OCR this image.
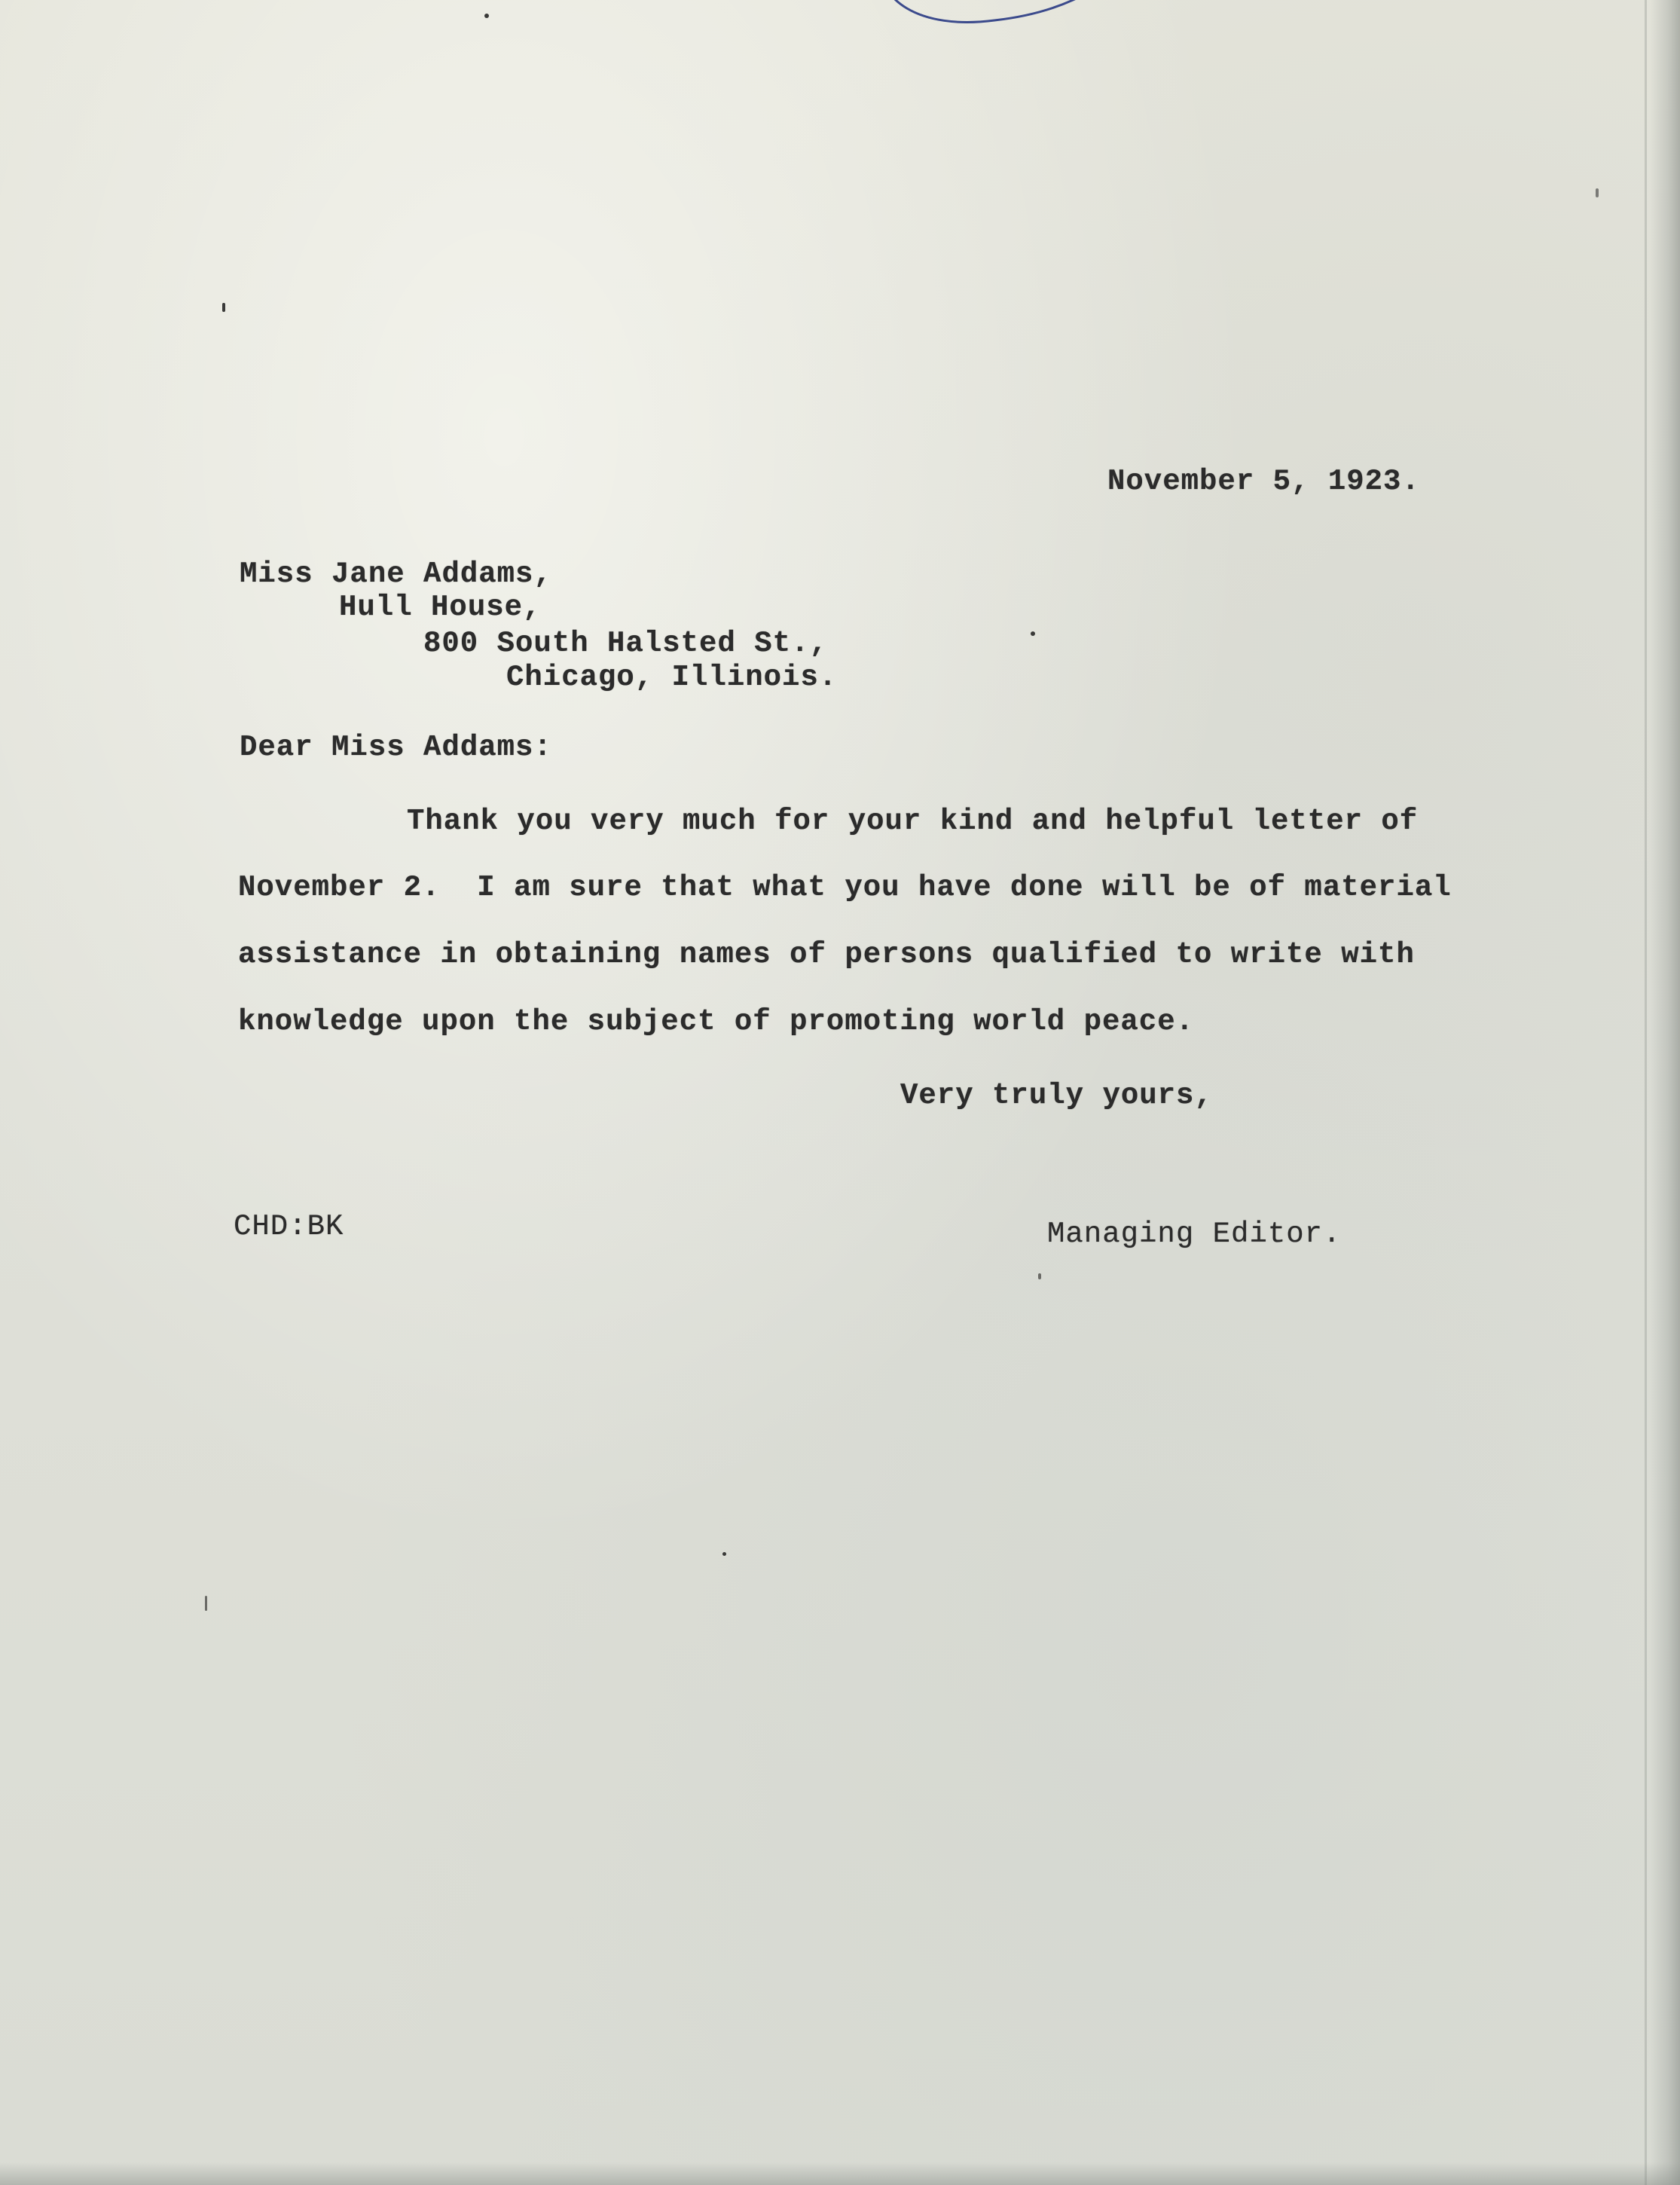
November 5, 1923.
Miss Jane Addams,
Hull House,
800 South Halsted St.,
Chicago, Illinois.
Dear Miss Addams:
Thank you very much for your kind and helpful letter of
November 2.  I am sure that what you have done will be of material
assistance in obtaining names of persons qualified to write with
knowledge upon the subject of promoting world peace.
Very truly yours,
CHD:BK	Managing Editor.
